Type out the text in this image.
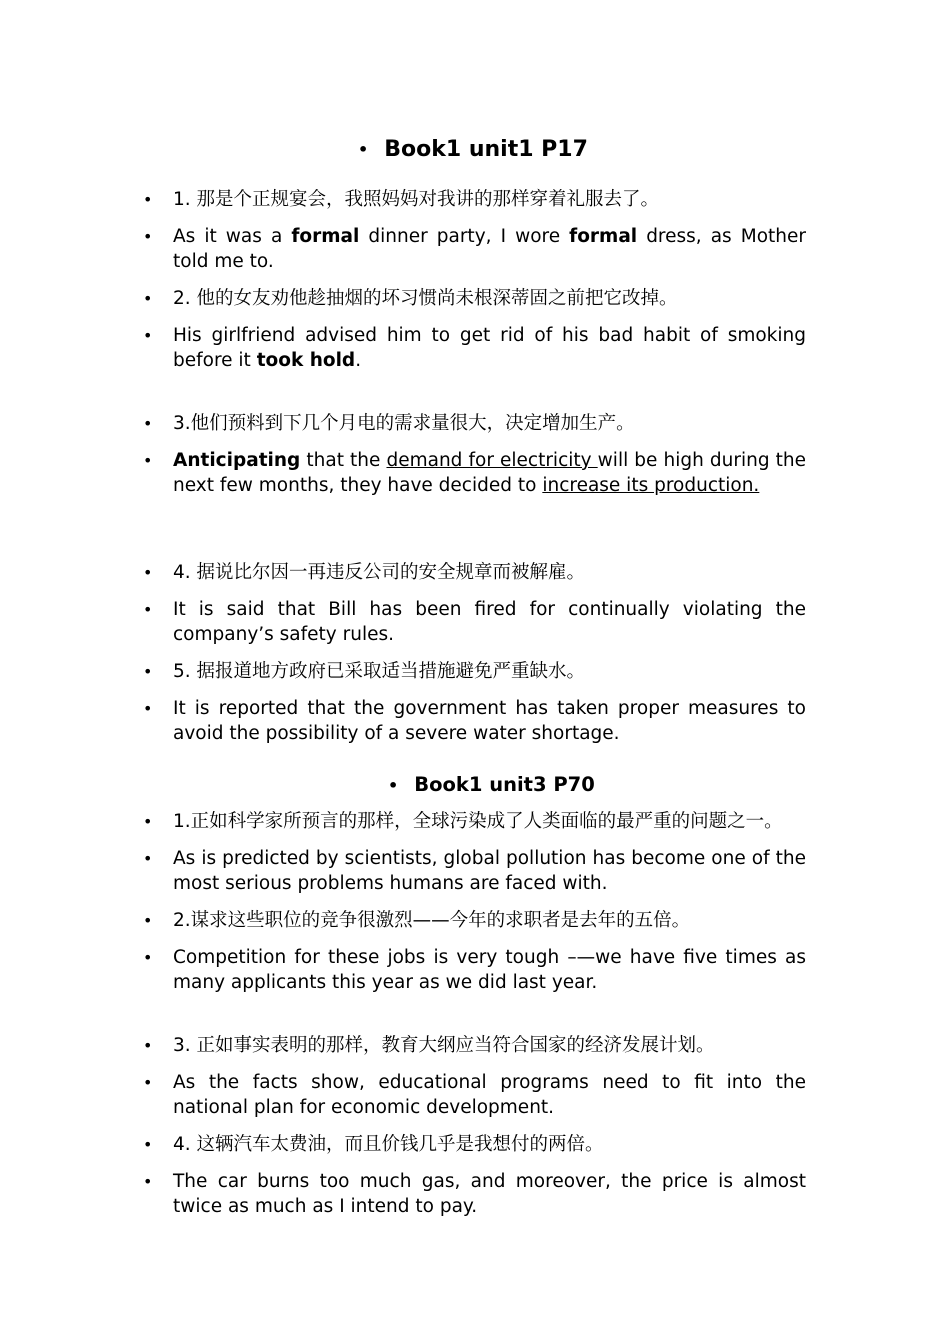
• Book1 unit1 P17
• 1. 那是个正规宴会，我照妈妈对我讲的那样穿着礼服去了。
• As it was a formal dinner party, I wore formal dress, as Mother told me to.
• 2. 他的女友劝他趁抽烟的坏习惯尚未根深蒂固之前把它改掉。
• His girlfriend advised him to get rid of his bad habit of smoking before it took hold.
• 3.他们预料到下几个月电的需求量很大，决定增加生产。
• Anticipating that the demand for electricity will be high during the next few months, they have decided to increase its production.
• 4. 据说比尔因一再违反公司的安全规章而被解雇。
• It is said that Bill has been fired for continually violating the company’s safety rules.
• 5. 据报道地方政府已采取适当措施避免严重缺水。
• It is reported that the government has taken proper measures to avoid the possibility of a severe water shortage.
• Book1 unit3 P70
• 1.正如科学家所预言的那样，全球污染成了人类面临的最严重的问题之一。
• As is predicted by scientists, global pollution has become one of the most serious problems humans are faced with.
• 2.谋求这些职位的竞争很激烈——今年的求职者是去年的五倍。
• Competition for these jobs is very tough –—we have five times as many applicants this year as we did last year.
• 3. 正如事实表明的那样，教育大纲应当符合国家的经济发展计划。
• As the facts show, educational programs need to fit into the national plan for economic development.
• 4. 这辆汽车太费油，而且价钱几乎是我想付的两倍。
• The car burns too much gas, and moreover, the price is almost twice as much as I intend to pay.
